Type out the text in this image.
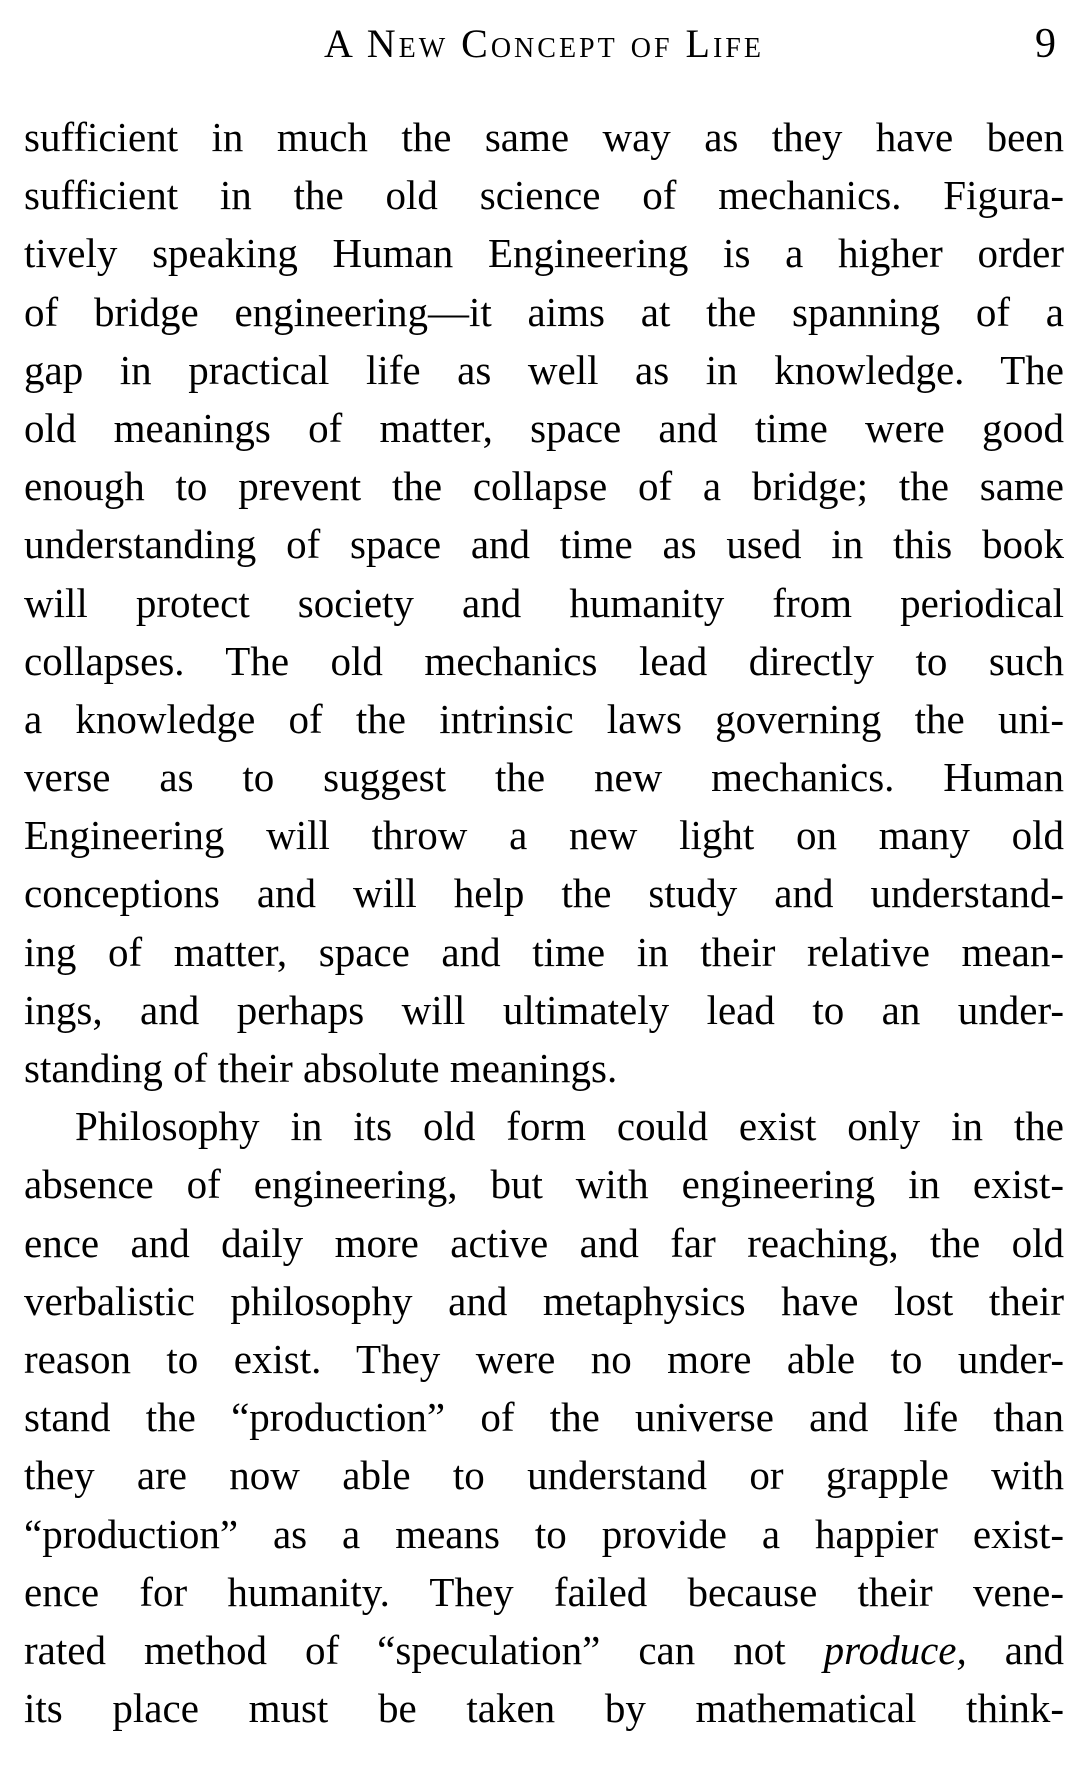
A New Concept of Life	9
sufficient in much the same way as they have been
sufficient in the old science of mechanics. Figura-
tively speaking Human Engineering is a higher order
of bridge engineering—it aims at the spanning of a
gap in practical life as well as in knowledge. The
old meanings of matter, space and time were good
enough to prevent the collapse of a bridge; the same
understanding of space and time as used in this book
will protect society and humanity from periodical
collapses. The old mechanics lead directly to such
a knowledge of the intrinsic laws governing the uni-
verse as to suggest the new mechanics. Human
Engineering will throw a new light on many old
conceptions and will help the study and understand-
ing of matter, space and time in their relative mean-
ings, and perhaps will ultimately lead to an under-
standing of their absolute meanings.
Philosophy in its old form could exist only in the
absence of engineering, but with engineering in exist-
ence and daily more active and far reaching, the old
verbalistic philosophy and metaphysics have lost their
reason to exist. They were no more able to under-
stand the “production” of the universe and life than
they are now able to understand or grapple with
“production” as a means to provide a happier exist-
ence for humanity. They failed because their vene-
rated method of “speculation” can not produce, and
its place must be taken by mathematical think-
